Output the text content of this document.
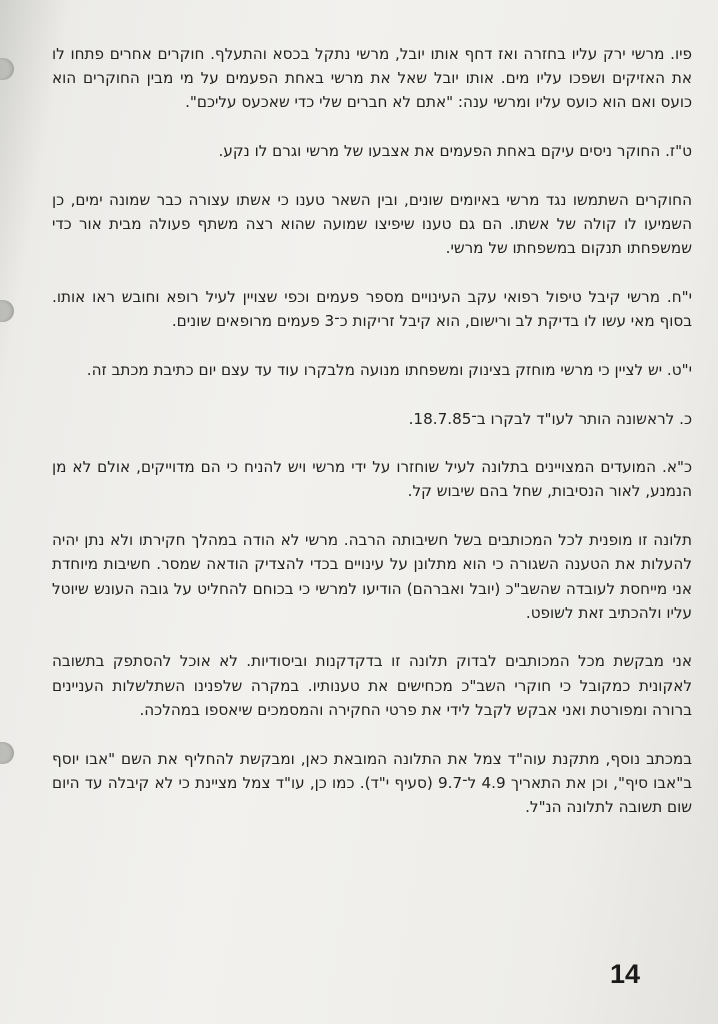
פיו. מרשי ירק עליו בחזרה ואז דחף אותו יובל, מרשי נתקל בכסא והתעלף. חוקרים אחרים פתחו לו את האזיקים ושפכו עליו מים. אותו יובל שאל את מרשי באחת הפעמים על מי מבין החוקרים הוא כועס ואם הוא כועס עליו ומרשי ענה: "אתם לא חברים שלי כדי שאכעס עליכם".

ט"ז. החוקר ניסים עיקם באחת הפעמים את אצבעו של מרשי וגרם לו נקע.

החוקרים השתמשו נגד מרשי באיומים שונים, ובין השאר טענו כי אשתו עצורה כבר שמונה ימים, כן השמיעו לו קולה של אשתו. הם גם טענו שיפיצו שמועה שהוא רצה משתף פעולה מבית אור כדי שמשפחתו תנקום במשפחתו של מרשי.

י"ח. מרשי קיבל טיפול רפואי עקב העינויים מספר פעמים וכפי שצויין לעיל רופא וחובש ראו אותו. בסוף מאי עשו לו בדיקת לב ורישום, הוא קיבל זריקות כ־3 פעמים מרופאים שונים.

י"ט. יש לציין כי מרשי מוחזק בצינוק ומשפחתו מנועה מלבקרו עוד עד עצם יום כתיבת מכתב זה.

כ. לראשונה הותר לעו"ד לבקרו ב־18.7.85.

כ"א. המועדים המצויינים בתלונה לעיל שוחזרו על ידי מרשי ויש להניח כי הם מדוייקים, אולם לא מן הנמנע, לאור הנסיבות, שחל בהם שיבוש קל.

תלונה זו מופנית לכל המכותבים בשל חשיבותה הרבה. מרשי לא הודה במהלך חקירתו ולא נתן יהיה להעלות את הטענה השגורה כי הוא מתלונן על עינויים בכדי להצדיק הודאה שמסר. חשיבות מיוחדת אני מייחסת לעובדה שהשב"כ (יובל ואברהם) הודיעו למרשי כי בכוחם להחליט על גובה העונש שיוטל עליו ולהכתיב זאת לשופט.

אני מבקשת מכל המכותבים לבדוק תלונה זו בדקדקנות וביסודיות. לא אוכל להסתפק בתשובה לאקונית כמקובל כי חוקרי השב"כ מכחישים את טענותיו. במקרה שלפנינו השתלשלות העניינים ברורה ומפורטת ואני אבקש לקבל לידי את פרטי החקירה והמסמכים שיאספו במהלכה.

במכתב נוסף, מתקנת עוה"ד צמל את התלונה המובאת כאן, ומבקשת להחליף את השם "אבו יוסף ב"אבו סיף", וכן את התאריך 4.9 ל־9.7 (סעיף י"ד). כמו כן, עו"ד צמל מציינת כי לא קיבלה עד היום שום תשובה לתלונה הנ"ל.

14
